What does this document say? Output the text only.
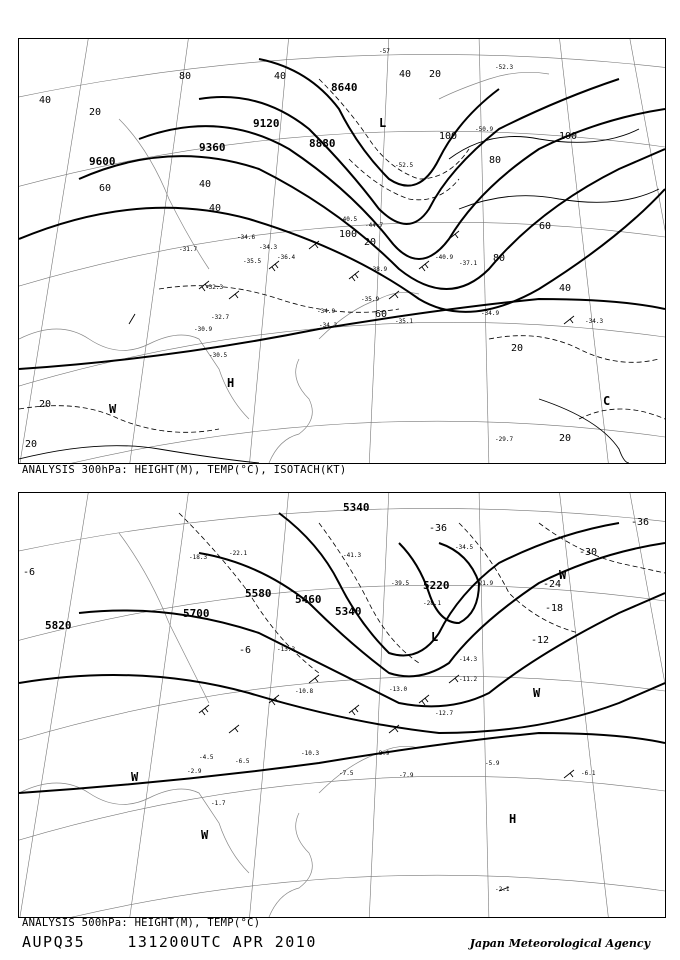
9600
9360
9120
8880
8640
100	100
100
80
80
80
60
60
60
40
40	40
40
40
40
20
20
20
20
20
20
20
-31.7
-32.3
-32.7
-30.9
-30.5
-35.9
-34.9
-34.2
-35.1
-34.9
-34.3
-29.7
-34.6
-34.3
-35.5
-36.4
-52.5
-50.9
-44.7
-40.5
-40.9
-38.9
-37.1
-57
-52.3
L
H
C
W
ANALYSIS 300hPa: HEIGHT(M), TEMP(°C), ISOTACH(KT)
5820
5700
5580 5460
5340
5220
5340
-36
-36
-30
-24
-18
-12
-6
-6
-22.1
-18.3
-13.3
-11.2
-10.3	-8.9
-7.5	-7.9
-6.5	-5.9
-6.1
-2.1
-1.7
-2.9
-4.5
-41.3
-39.5
-34.5
-28.1
-21.9
-14.3
-13.0
-12.7
-10.8
L
H
W
W
W
W
ANALYSIS 500hPa: HEIGHT(M), TEMP(°C)
AUPQ35	131200UTC APR 2010	Japan Meteorological Agency
